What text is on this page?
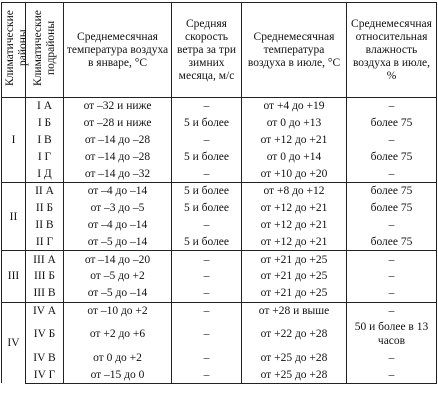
Климатические районы	Климатические подрайоны	Среднемесячная температура воздуха в январе, °С	Средняя скорость ветра за три зимних месяца, м/с	Среднемесячная температура воздуха в июле, °С	Среднемесячная относительная влажность воздуха в июле, %

I	I А	от –32 и ниже	–	от +4 до +19	–
	I Б	от –28 и ниже	5 и более	от 0 до +13	более 75
	I В	от –14 до –28	–	от +12 до +21	–
	I Г	от –14 до –28	5 и более	от 0 до +14	более 75
	I Д	от –14 до –32	–	от +10 до +20	–
II	II А	от –4 до –14	5 и более	от +8 до +12	более 75
	II Б	от –3 до –5	5 и более	от +12 до +21	более 75
	II В	от –4 до –14	–	от +12 до +21	–
	II Г	от –5 до –14	5 и более	от +12 до +21	более 75
III	III А	от –14 до –20	–	от +21 до +25	–
	III Б	от –5 до +2	–	от +21 до +25	–
	III В	от –5 до –14	–	от +21 до +25	–
IV	IV А	от –10 до +2	–	от +28 и выше	–
	IV Б	от +2 до +6	–	от +22 до +28	50 и более в 13 часов
	IV В	от 0 до +2	–	от +25 до +28	–
	IV Г	от –15 до 0	–	от +25 до +28	–
